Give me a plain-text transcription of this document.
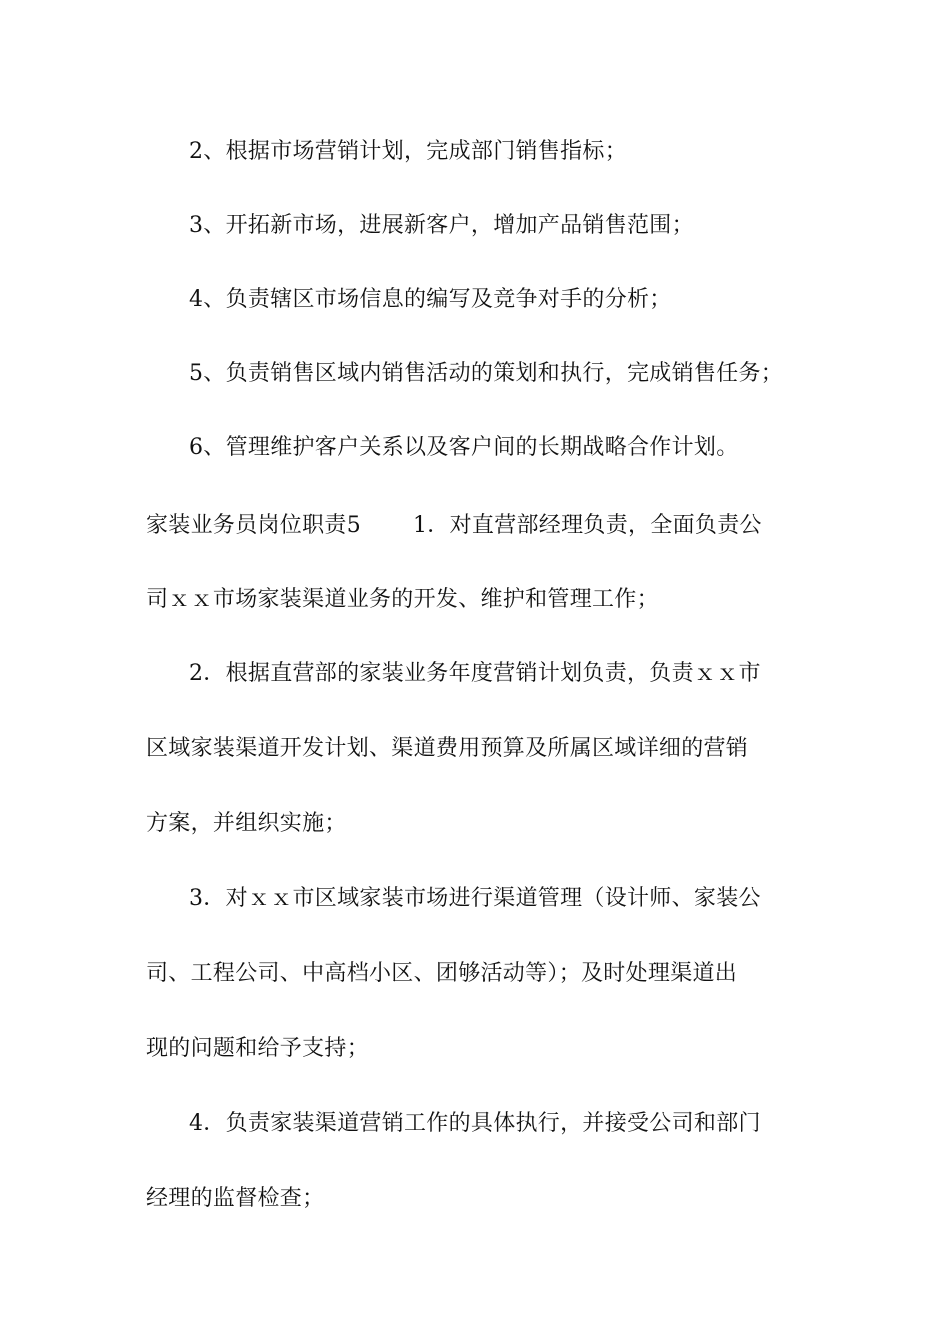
2、根据市场营销计划，完成部门销售指标；
3、开拓新市场，进展新客户，增加产品销售范围；
4、负责辖区市场信息的编写及竞争对手的分析；
5、负责销售区域内销售活动的策划和执行，完成销售任务；
6、管理维护客户关系以及客户间的长期战略合作计划。
家装业务员岗位职责5 1．对直营部经理负责，全面负责公
司ｘｘ市场家装渠道业务的开发、维护和管理工作；
2．根据直营部的家装业务年度营销计划负责，负责ｘｘ市
区域家装渠道开发计划、渠道费用预算及所属区域详细的营销
方案，并组织实施；
3．对ｘｘ市区域家装市场进行渠道管理（设计师、家装公
司、工程公司、中高档小区、团够活动等）；及时处理渠道出
现的问题和给予支持；
4．负责家装渠道营销工作的具体执行，并接受公司和部门
经理的监督检查；
